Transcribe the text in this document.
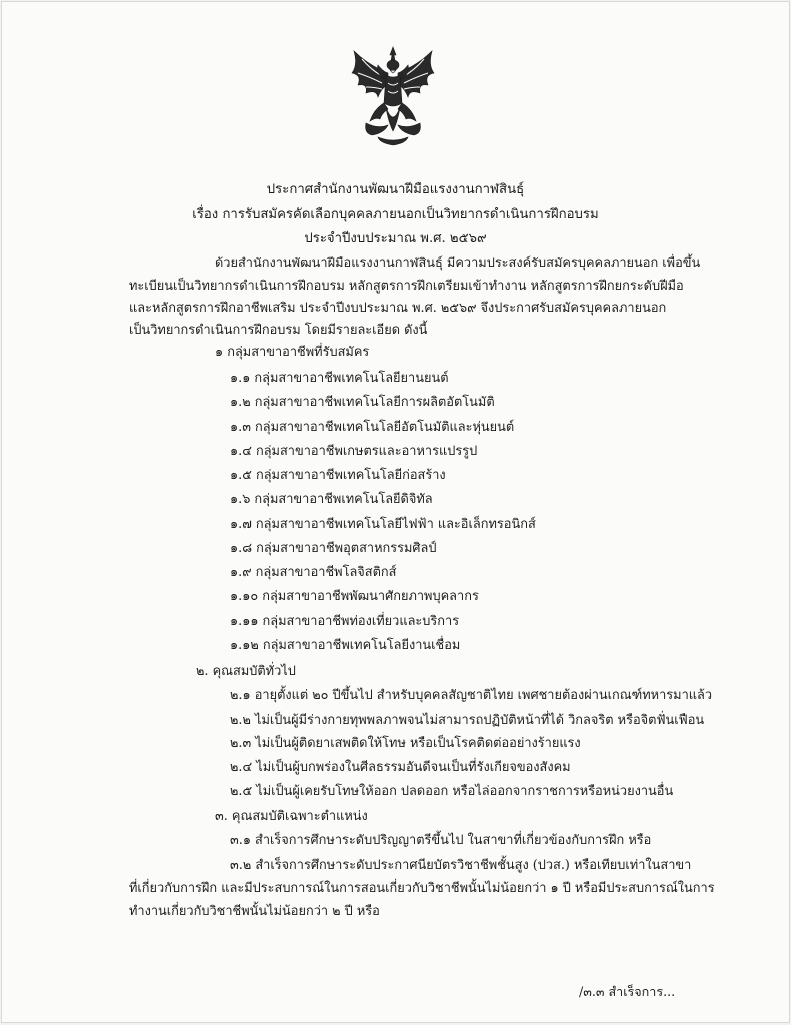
ประกาศสำนักงานพัฒนาฝีมือแรงงานกาฬสินธุ์
เรื่อง การรับสมัครคัดเลือกบุคคลภายนอกเป็นวิทยากรดำเนินการฝึกอบรม
ประจำปีงบประมาณ พ.ศ. ๒๕๖๙
ด้วยสำนักงานพัฒนาฝีมือแรงงานกาฬสินธุ์ มีความประสงค์รับสมัครบุคคลภายนอก เพื่อขึ้น
ทะเบียนเป็นวิทยากรดำเนินการฝึกอบรม หลักสูตรการฝึกเตรียมเข้าทำงาน หลักสูตรการฝึกยกระดับฝีมือ
และหลักสูตรการฝึกอาชีพเสริม ประจำปีงบประมาณ พ.ศ. ๒๕๖๙ จึงประกาศรับสมัครบุคคลภายนอก
เป็นวิทยากรดำเนินการฝึกอบรม โดยมีรายละเอียด ดังนี้
๑ กลุ่มสาขาอาชีพที่รับสมัคร
๑.๑ กลุ่มสาขาอาชีพเทคโนโลยียานยนต์
๑.๒ กลุ่มสาขาอาชีพเทคโนโลยีการผลิตอัตโนมัติ
๑.๓ กลุ่มสาขาอาชีพเทคโนโลยีอัตโนมัติและหุ่นยนต์
๑.๔ กลุ่มสาขาอาชีพเกษตรและอาหารแปรรูป
๑.๕ กลุ่มสาขาอาชีพเทคโนโลยีก่อสร้าง
๑.๖ กลุ่มสาขาอาชีพเทคโนโลยีดิจิทัล
๑.๗ กลุ่มสาขาอาชีพเทคโนโลยีไฟฟ้า และอิเล็กทรอนิกส์
๑.๘ กลุ่มสาขาอาชีพอุตสาหกรรมศิลป์
๑.๙ กลุ่มสาขาอาชีพโลจิสติกส์
๑.๑๐ กลุ่มสาขาอาชีพพัฒนาศักยภาพบุคลากร
๑.๑๑ กลุ่มสาขาอาชีพท่องเที่ยวและบริการ
๑.๑๒ กลุ่มสาขาอาชีพเทคโนโลยีงานเชื่อม
๒. คุณสมบัติทั่วไป
๒.๑ อายุตั้งแต่ ๒๐ ปีขึ้นไป สำหรับบุคคลสัญชาติไทย เพศชายต้องผ่านเกณฑ์ทหารมาแล้ว
๒.๒ ไม่เป็นผู้มีร่างกายทุพพลภาพจนไม่สามารถปฏิบัติหน้าที่ได้ วิกลจริต หรือจิตฟั่นเฟือน
๒.๓ ไม่เป็นผู้ติดยาเสพติดให้โทษ หรือเป็นโรคติดต่ออย่างร้ายแรง
๒.๔ ไม่เป็นผู้บกพร่องในศีลธรรมอันดีจนเป็นที่รังเกียจของสังคม
๒.๕ ไม่เป็นผู้เคยรับโทษให้ออก ปลดออก หรือไล่ออกจากราชการหรือหน่วยงานอื่น
๓. คุณสมบัติเฉพาะตำแหน่ง
๓.๑ สำเร็จการศึกษาระดับปริญญาตรีขึ้นไป ในสาขาที่เกี่ยวข้องกับการฝึก หรือ
๓.๒ สำเร็จการศึกษาระดับประกาศนียบัตรวิชาชีพชั้นสูง (ปวส.) หรือเทียบเท่าในสาขา
ที่เกี่ยวกับการฝึก และมีประสบการณ์ในการสอนเกี่ยวกับวิชาชีพนั้นไม่น้อยกว่า ๑ ปี หรือมีประสบการณ์ในการ
ทำงานเกี่ยวกับวิชาชีพนั้นไม่น้อยกว่า ๒ ปี หรือ
/๓.๓ สำเร็จการ...
